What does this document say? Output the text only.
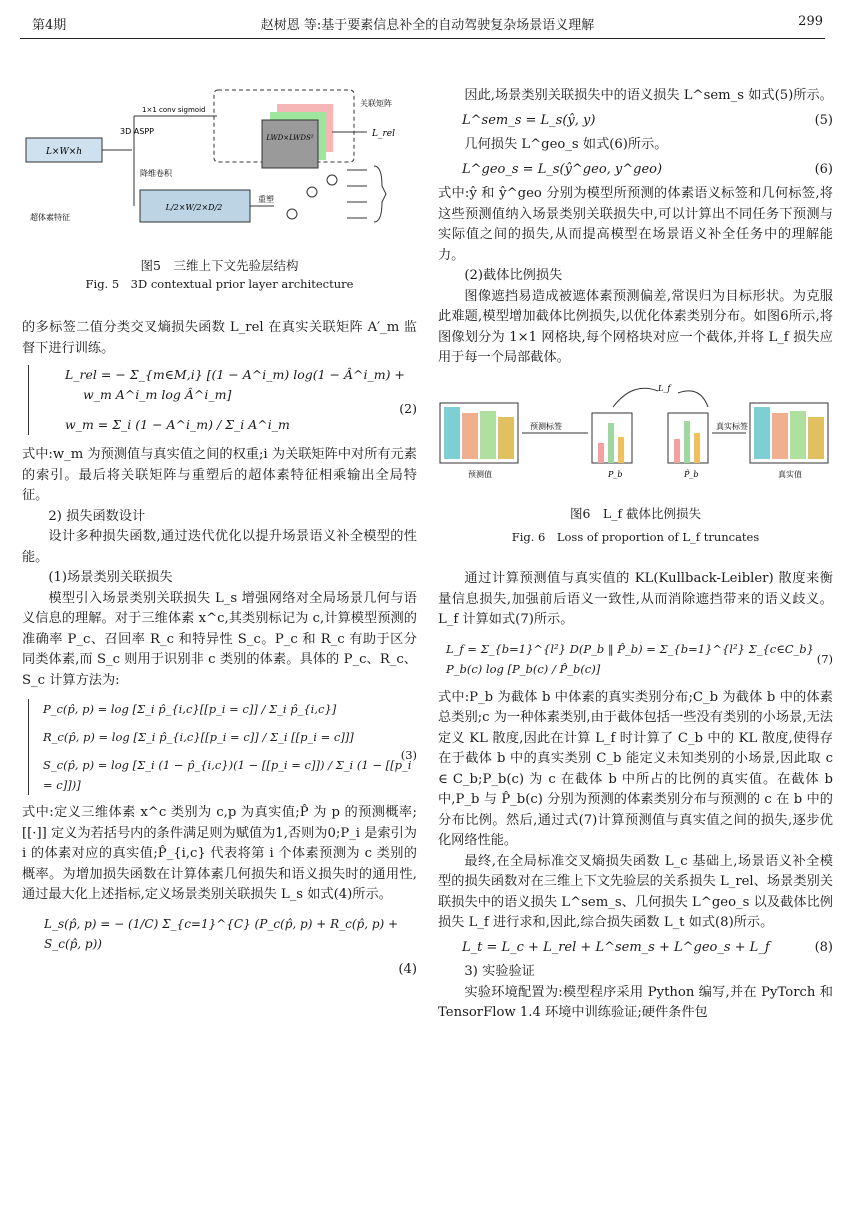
第4期	赵树恩 等:基于要素信息补全的自动驾驶复杂场景语义理解	299
L×W×h
3D ASPP
1×1 conv sigmoid
降维卷积
LWD×LWDS²
关联矩阵
L_rel
L/2×W/2×D/2
超体素特征
重塑
图5　三维上下文先验层结构
Fig. 5　3D contextual prior layer architecture

的多标签二值分类交叉熵损失函数 L_rel 在真实关联矩阵 A′_m 监督下进行训练。

L_rel = − Σ_{m∈M,i} [(1 − A^i_m) log(1 − Â^i_m) +
w_m A^i_m log Â^i_m]
w_m = Σ_i (1 − A^i_m) / Σ_i A^i_m
(2)

式中:w_m 为预测值与真实值之间的权重;i 为关联矩阵中对所有元素的索引。最后将关联矩阵与重塑后的超体素特征相乘输出全局特征。

2) 损失函数设计

设计多种损失函数,通过迭代优化以提升场景语义补全模型的性能。

(1)场景类别关联损失

模型引入场景类别关联损失 L_s 增强网络对全局场景几何与语义信息的理解。对于三维体素 x^c,其类别标记为 c,计算模型预测的准确率 P_c、召回率 R_c 和特异性 S_c。P_c 和 R_c 有助于区分同类体素,而 S_c 则用于识别非 c 类别的体素。具体的 P_c、R_c、S_c 计算方法为:

P_c(p̂, p) = log [Σ_i p̂_{i,c}[[p_i = c]] / Σ_i p̂_{i,c}]
R_c(p̂, p) = log [Σ_i p̂_{i,c}[[p_i = c]] / Σ_i [[p_i = c]]]
S_c(p̂, p) = log [Σ_i (1 − p̂_{i,c})(1 − [[p_i = c]]) / Σ_i (1 − [[p_i = c]])]
(3)

式中:定义三维体素 x^c 类别为 c,p 为真实值;P̂ 为 p 的预测概率;[[·]] 定义为若括号内的条件满足则为赋值为1,否则为0;P_i 是索引为 i 的体素对应的真实值;P̂_{i,c} 代表将第 i 个体素预测为 c 类别的概率。为增加损失函数在计算体素几何损失和语义损失时的通用性,通过最大化上述指标,定义场景类别关联损失 L_s 如式(4)所示。

L_s(p̂, p) = − (1/C) Σ_{c=1}^{C} (P_c(p̂, p) + R_c(p̂, p) + S_c(p̂, p))
(4)

因此,场景类别关联损失中的语义损失 L^sem_s 如式(5)所示。

L^sem_s = L_s(ŷ, y)	(5)

几何损失 L^geo_s 如式(6)所示。

L^geo_s = L_s(ŷ^geo, y^geo)	(6)

式中:ŷ 和 ŷ^geo 分别为模型所预测的体素语义标签和几何标签,将这些预测值纳入场景类别关联损失中,可以计算出不同任务下预测与实际值之间的损失,从而提高模型在场景语义补全任务中的理解能力。

(2)截体比例损失

图像遮挡易造成被遮体素预测偏差,常误归为目标形状。为克服此难题,模型增加截体比例损失,以优化体素类别分布。如图6所示,将图像划分为 1×1 网格块,每个网格块对应一个截体,并将 L_f 损失应用于每一个局部截体。

预测值
预测标签
P_b
L_f
P̂_b
真实标签
真实值
图6　L_f 截体比例损失
Fig. 6　Loss of proportion of L_f truncates

通过计算预测值与真实值的 KL(Kullback-Leibler) 散度来衡量信息损失,加强前后语义一致性,从而消除遮挡带来的语义歧义。L_f 计算如式(7)所示。

L_f = Σ_{b=1}^{l²} D(P_b ‖ P̂_b) = Σ_{b=1}^{l²} Σ_{c∈C_b} P_b(c) log [P_b(c) / P̂_b(c)]
(7)

式中:P_b 为截体 b 中体素的真实类别分布;C_b 为截体 b 中的体素总类别;c 为一种体素类别,由于截体包括一些没有类别的小场景,无法定义 KL 散度,因此在计算 L_f 时计算了 C_b 中的 KL 散度,使得存在于截体 b 中的真实类别 C_b 能定义未知类别的小场景,因此取 c ∈ C_b;P_b(c) 为 c 在截体 b 中所占的比例的真实值。在截体 b 中,P_b 与 P̂_b(c) 分别为预测的体素类别分布与预测的 c 在 b 中的分布比例。然后,通过式(7)计算预测值与真实值之间的损失,逐步优化网络性能。

最终,在全局标准交叉熵损失函数 L_c 基础上,场景语义补全模型的损失函数对在三维上下文先验层的关系损失 L_rel、场景类别关联损失中的语义损失 L^sem_s、几何损失 L^geo_s 以及截体比例损失 L_f 进行求和,因此,综合损失函数 L_t 如式(8)所示。

L_t = L_c + L_rel + L^sem_s + L^geo_s + L_f	(8)

3) 实验验证

实验环境配置为:模型程序采用 Python 编写,并在 PyTorch 和 TensorFlow 1.4 环境中训练验证;硬件条件包
